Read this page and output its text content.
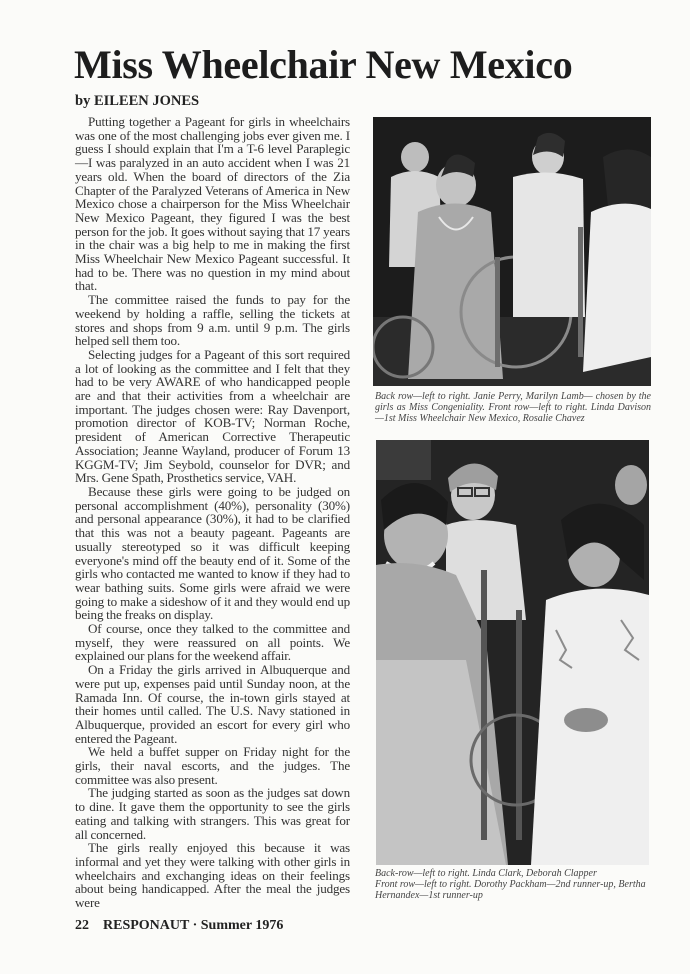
Miss Wheelchair New Mexico
by EILEEN JONES

Putting together a Pageant for girls in wheelchairs was one of the most challenging jobs ever given me. I guess I should explain that I'm a T-6 level Paraplegic—I was paralyzed in an auto accident when I was 21 years old. When the board of directors of the Zia Chapter of the Paralyzed Veterans of America in New Mexico chose a chairperson for the Miss Wheelchair New Mexico Pageant, they figured I was the best person for the job. It goes without saying that 17 years in the chair was a big help to me in making the first Miss Wheelchair New Mexico Pageant successful. It had to be. There was no question in my mind about that.

The committee raised the funds to pay for the weekend by holding a raffle, selling the tickets at stores and shops from 9 a.m. until 9 p.m. The girls helped sell them too.

Selecting judges for a Pageant of this sort required a lot of looking as the committee and I felt that they had to be very AWARE of who handicapped people are and that their activities from a wheelchair are important. The judges chosen were: Ray Davenport, promotion director of KOB-TV; Norman Roche, president of American Corrective Therapeutic Association; Jeanne Wayland, producer of Forum 13 KGGM-TV; Jim Seybold, counselor for DVR; and Mrs. Gene Spath, Prosthetics service, VAH.

Because these girls were going to be judged on personal accomplishment (40%), personality (30%) and personal appearance (30%), it had to be clarified that this was not a beauty pageant. Pageants are usually stereotyped so it was difficult keeping everyone's mind off the beauty end of it. Some of the girls who contacted me wanted to know if they had to wear bathing suits. Some girls were afraid we were going to make a sideshow of it and they would end up being the freaks on display.

Of course, once they talked to the committee and myself, they were reassured on all points. We explained our plans for the weekend affair.

On a Friday the girls arrived in Albuquerque and were put up, expenses paid until Sunday noon, at the Ramada Inn. Of course, the in-town girls stayed at their homes until called. The U.S. Navy stationed in Albuquerque, provided an escort for every girl who entered the Pageant.

We held a buffet supper on Friday night for the girls, their naval escorts, and the judges. The committee was also present.

The judging started as soon as the judges sat down to dine. It gave them the opportunity to see the girls eating and talking with strangers. This was great for all concerned.

The girls really enjoyed this because it was informal and yet they were talking with other girls in wheelchairs and exchanging ideas on their feelings about being handicapped. After the meal the judges were

22 RESPONAUT · Summer 1976
Back row—left to right. Janie Perry, Marilyn Lamb— chosen by the girls as Miss Congeniality. Front row—left to right. Linda Davison—1st Miss Wheelchair New Mexico, Rosalie Chavez
Back-row—left to right. Linda Clark, Deborah Clapper
Front row—left to right. Dorothy Packham—2nd runner-up, Bertha Hernandex—1st runner-up
